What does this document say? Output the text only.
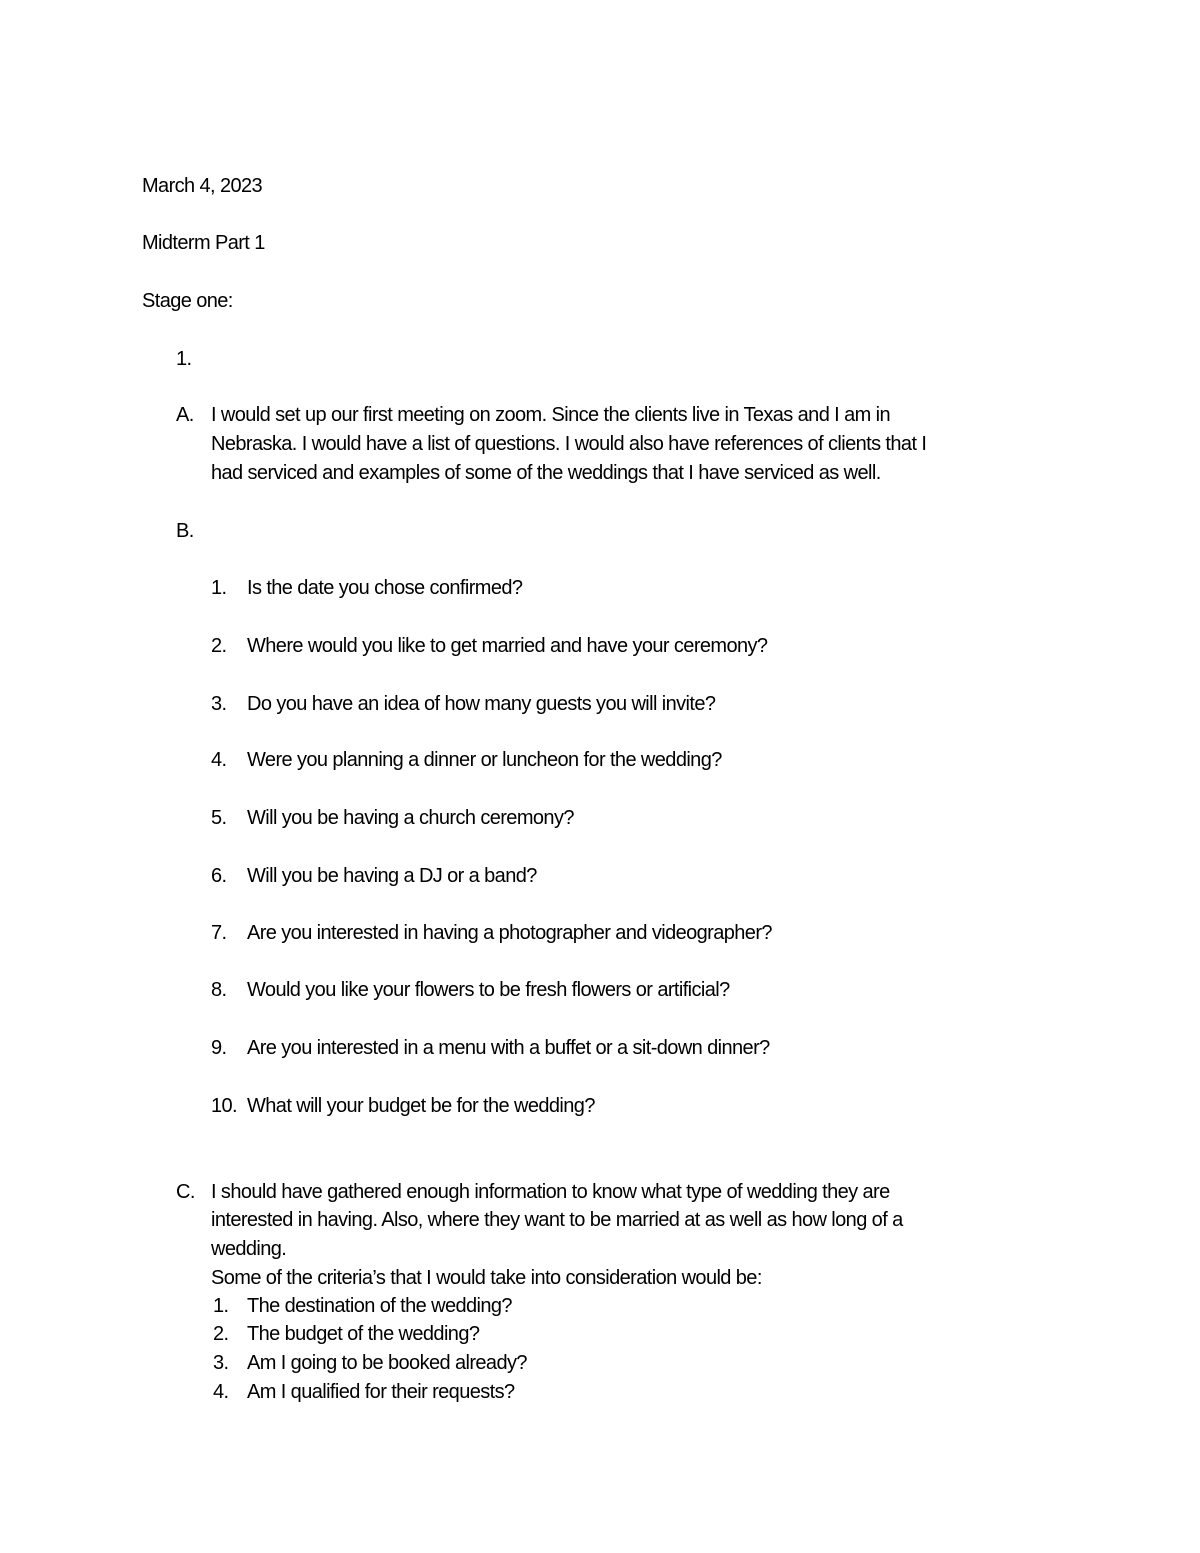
March 4, 2023
Midterm Part 1
Stage one:
1.
A. I would set up our first meeting on zoom. Since the clients live in Texas and I am in
Nebraska. I would have a list of questions. I would also have references of clients that I
had serviced and examples of some of the weddings that I have serviced as well.
B.
1. Is the date you chose confirmed?
2. Where would you like to get married and have your ceremony?
3. Do you have an idea of how many guests you will invite?
4. Were you planning a dinner or luncheon for the wedding?
5. Will you be having a church ceremony?
6. Will you be having a DJ or a band?
7. Are you interested in having a photographer and videographer?
8. Would you like your flowers to be fresh flowers or artificial?
9. Are you interested in a menu with a buffet or a sit-down dinner?
10. What will your budget be for the wedding?
C. I should have gathered enough information to know what type of wedding they are
interested in having. Also, where they want to be married at as well as how long of a
wedding.
Some of the criteria’s that I would take into consideration would be:
1. The destination of the wedding?
2. The budget of the wedding?
3. Am I going to be booked already?
4. Am I qualified for their requests?
